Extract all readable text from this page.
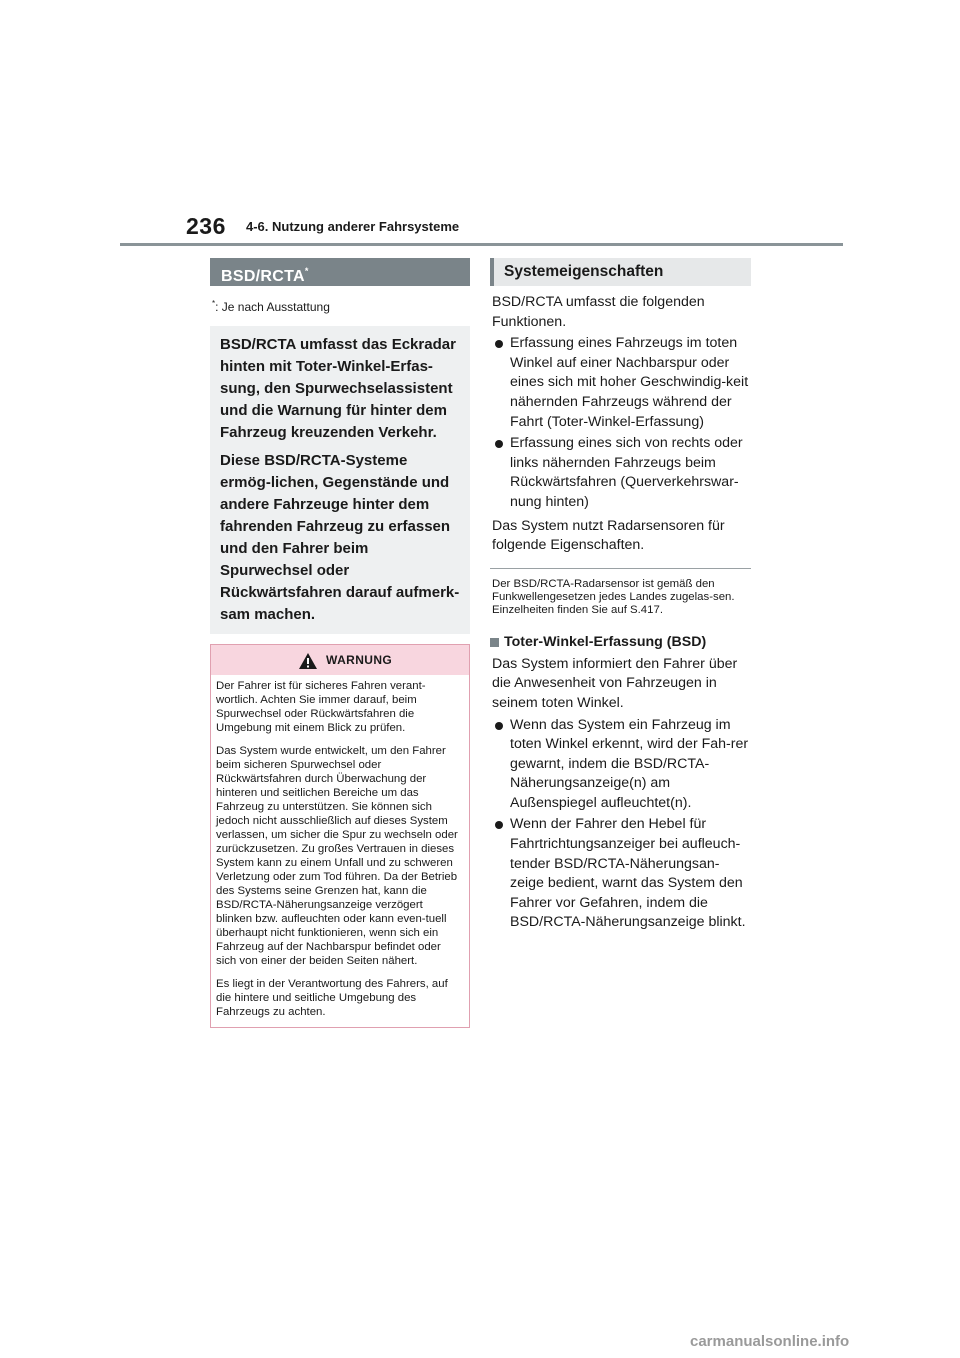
236 4-6. Nutzung anderer Fahrsysteme
BSD/RCTA*
*: Je nach Ausstattung

BSD/RCTA umfasst das Eckradar hinten mit Toter-Winkel-Erfas-sung, den Spurwechselassistent und die Warnung für hinter dem Fahrzeug kreuzenden Verkehr.

Diese BSD/RCTA-Systeme ermög-lichen, Gegenstände und andere Fahrzeuge hinter dem fahrenden Fahrzeug zu erfassen und den Fahrer beim Spurwechsel oder Rückwärtsfahren darauf aufmerk-sam machen.

WARNUNG

Der Fahrer ist für sicheres Fahren verant-wortlich. Achten Sie immer darauf, beim Spurwechsel oder Rückwärtsfahren die Umgebung mit einem Blick zu prüfen.

Das System wurde entwickelt, um den Fahrer beim sicheren Spurwechsel oder Rückwärtsfahren durch Überwachung der hinteren und seitlichen Bereiche um das Fahrzeug zu unterstützen. Sie können sich jedoch nicht ausschließlich auf dieses System verlassen, um sicher die Spur zu wechseln oder zurückzusetzen. Zu großes Vertrauen in dieses System kann zu einem Unfall und zu schweren Verletzung oder zum Tod führen. Da der Betrieb des Systems seine Grenzen hat, kann die BSD/RCTA-Näherungsanzeige verzögert blinken bzw. aufleuchten oder kann even-tuell überhaupt nicht funktionieren, wenn sich ein Fahrzeug auf der Nachbarspur befindet oder sich von einer der beiden Seiten nähert.

Es liegt in der Verantwortung des Fahrers, auf die hintere und seitliche Umgebung des Fahrzeugs zu achten.

Systemeigenschaften

BSD/RCTA umfasst die folgenden Funktionen.

Erfassung eines Fahrzeugs im toten Winkel auf einer Nachbarspur oder eines sich mit hoher Geschwindig-keit nähernden Fahrzeugs während der Fahrt (Toter-Winkel-Erfassung)
Erfassung eines sich von rechts oder links nähernden Fahrzeugs beim Rückwärtsfahren (Querverkehrswar-nung hinten)

Das System nutzt Radarsensoren für folgende Eigenschaften.

Der BSD/RCTA-Radarsensor ist gemäß den Funkwellengesetzen jedes Landes zugelas-sen. Einzelheiten finden Sie auf S.417.

Toter-Winkel-Erfassung (BSD)

Das System informiert den Fahrer über die Anwesenheit von Fahrzeugen in seinem toten Winkel.

Wenn das System ein Fahrzeug im toten Winkel erkennt, wird der Fah-rer gewarnt, indem die BSD/RCTA-Näherungsanzeige(n) am Außenspiegel aufleuchtet(n).
Wenn der Fahrer den Hebel für Fahrtrichtungsanzeiger bei aufleuch-tender BSD/RCTA-Näherungsan-zeige bedient, warnt das System den Fahrer vor Gefahren, indem die BSD/RCTA-Näherungsanzeige blinkt.
carmanualsonline.info
